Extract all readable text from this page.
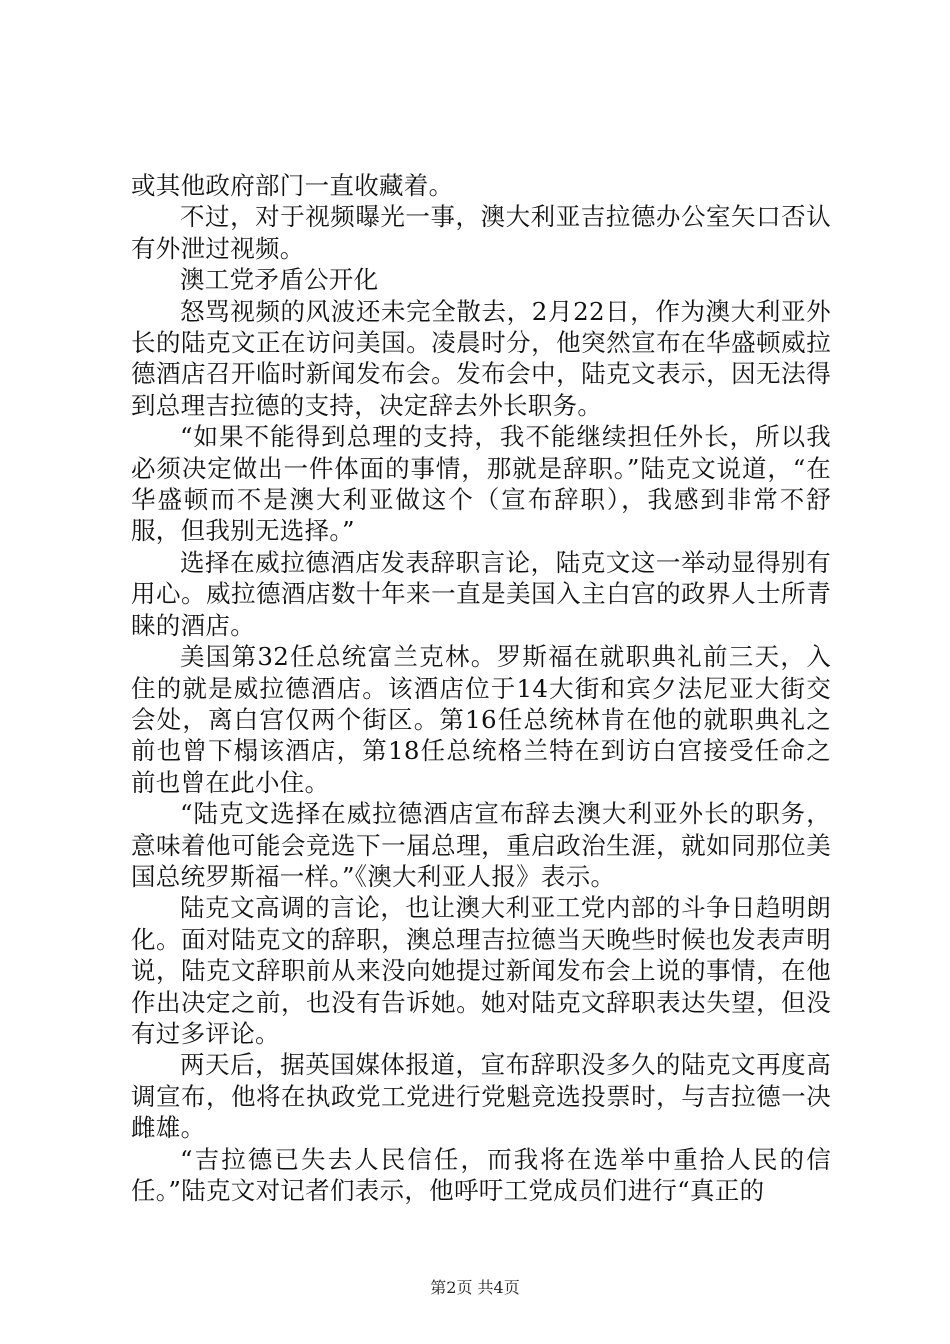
或其他政府部门一直收藏着。

不过，对于视频曝光一事，澳大利亚吉拉德办公室矢口否认有外泄过视频。

澳工党矛盾公开化

怒骂视频的风波还未完全散去，2月22日，作为澳大利亚外长的陆克文正在访问美国。凌晨时分，他突然宣布在华盛顿威拉德酒店召开临时新闻发布会。发布会中，陆克文表示，因无法得到总理吉拉德的支持，决定辞去外长职务。

“如果不能得到总理的支持，我不能继续担任外长，所以我必须决定做出一件体面的事情，那就是辞职。”陆克文说道，“在华盛顿而不是澳大利亚做这个（宣布辞职），我感到非常不舒服，但我别无选择。”

选择在威拉德酒店发表辞职言论，陆克文这一举动显得别有用心。威拉德酒店数十年来一直是美国入主白宫的政界人士所青睐的酒店。

美国第32任总统富兰克林。罗斯福在就职典礼前三天，入住的就是威拉德酒店。该酒店位于14大街和宾夕法尼亚大街交会处，离白宫仅两个街区。第16任总统林肯在他的就职典礼之前也曾下榻该酒店，第18任总统格兰特在到访白宫接受任命之前也曾在此小住。

“陆克文选择在威拉德酒店宣布辞去澳大利亚外长的职务，意味着他可能会竞选下一届总理，重启政治生涯，就如同那位美国总统罗斯福一样。”《澳大利亚人报》表示。

陆克文高调的言论，也让澳大利亚工党内部的斗争日趋明朗化。面对陆克文的辞职，澳总理吉拉德当天晚些时候也发表声明说，陆克文辞职前从来没向她提过新闻发布会上说的事情，在他作出决定之前，也没有告诉她。她对陆克文辞职表达失望，但没有过多评论。

两天后，据英国媒体报道，宣布辞职没多久的陆克文再度高调宣布，他将在执政党工党进行党魁竞选投票时，与吉拉德一决雌雄。

“吉拉德已失去人民信任，而我将在选举中重拾人民的信任。”陆克文对记者们表示，他呼吁工党成员们进行“真正的

第2页 共4页
